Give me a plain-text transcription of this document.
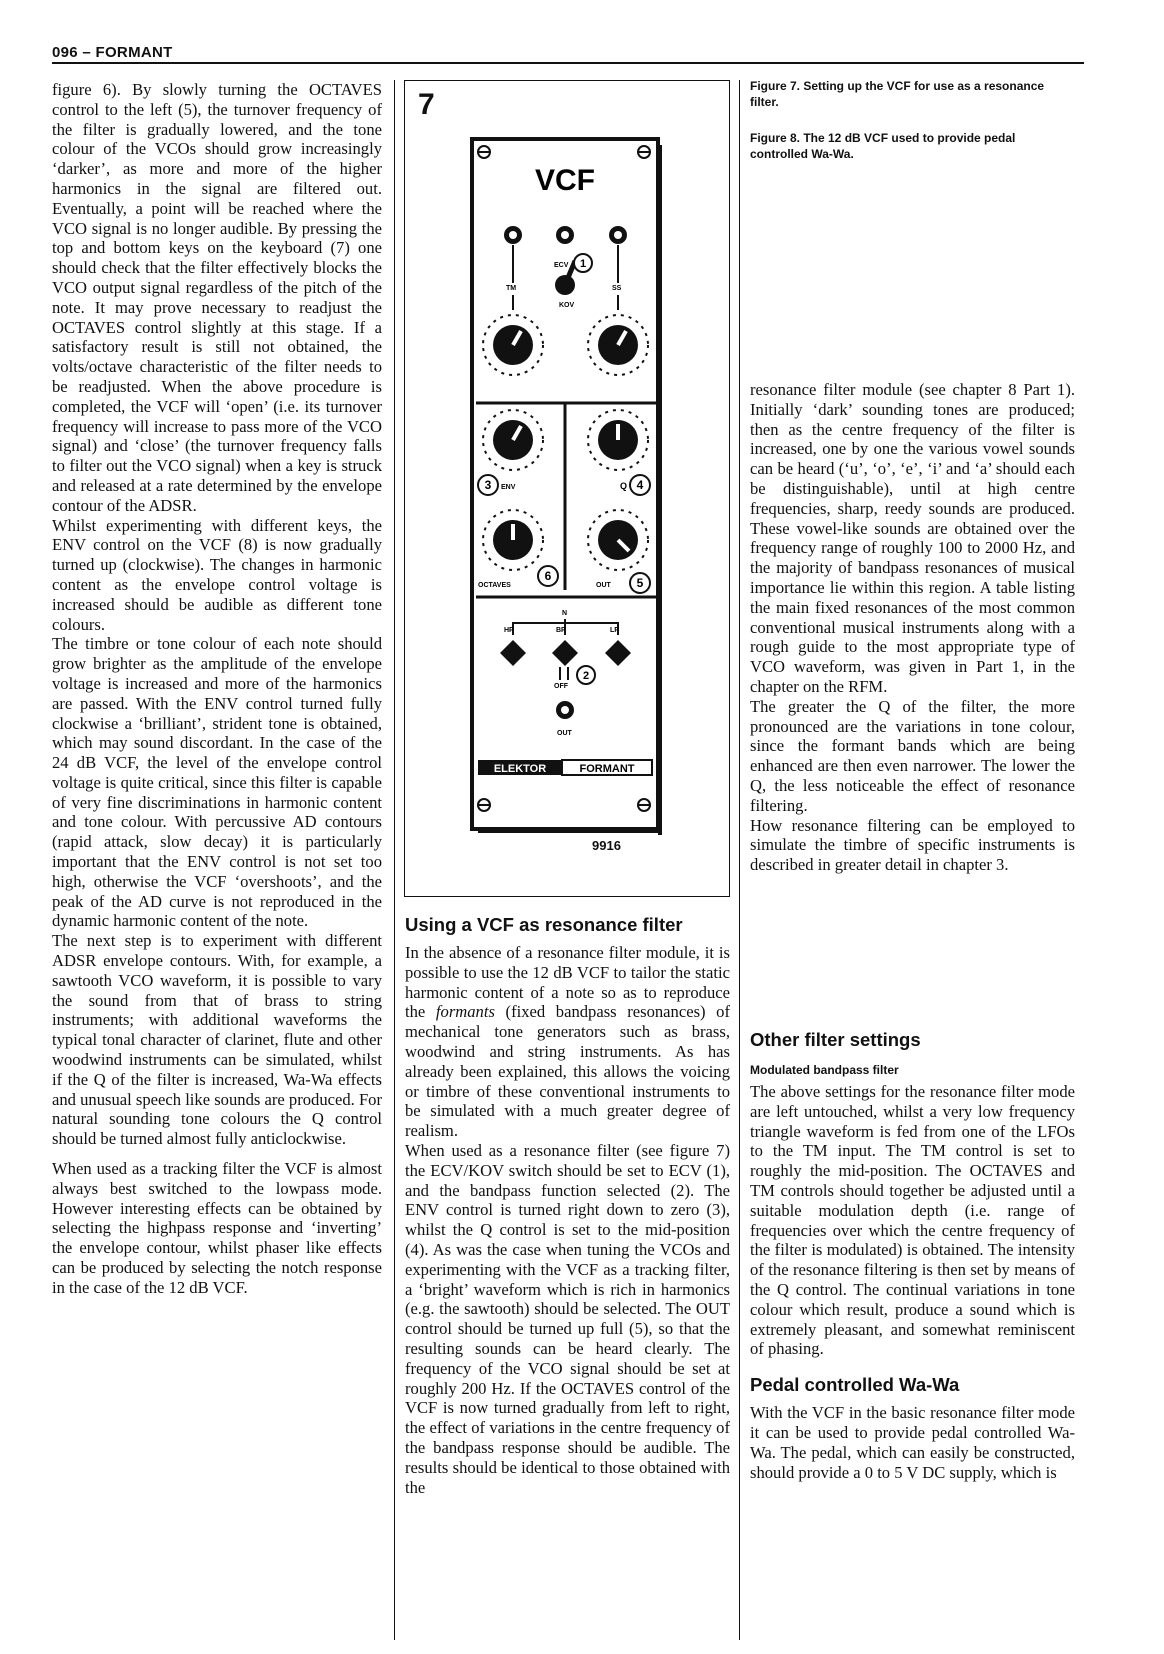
096 – FORMANT

figure 6). By slowly turning the OCTAVES control to the left (5), the turnover frequency of the filter is gradually lowered, and the tone colour of the VCOs should grow increasingly ‘darker’, as more and more of the higher harmonics in the signal are filtered out. Eventually, a point will be reached where the VCO signal is no longer audible. By pressing the top and bottom keys on the keyboard (7) one should check that the filter effectively blocks the VCO output signal regardless of the pitch of the note. It may prove necessary to readjust the OCTAVES control slightly at this stage. If a satisfactory result is still not obtained, the volts/octave characteristic of the filter needs to be readjusted. When the above procedure is completed, the VCF will ‘open’ (i.e. its turnover frequency will increase to pass more of the VCO signal) and ‘close’ (the turnover frequency falls to filter out the VCO signal) when a key is struck and released at a rate determined by the envelope contour of the ADSR.

Whilst experimenting with different keys, the ENV control on the VCF (8) is now gradually turned up (clockwise). The changes in harmonic content as the envelope control voltage is increased should be audible as different tone colours.

The timbre or tone colour of each note should grow brighter as the amplitude of the envelope voltage is increased and more of the harmonics are passed. With the ENV control turned fully clockwise a ‘brilliant’, strident tone is obtained, which may sound discordant. In the case of the 24 dB VCF, the level of the envelope control voltage is quite critical, since this filter is capable of very fine discriminations in harmonic content and tone colour. With percussive AD contours (rapid attack, slow decay) it is particularly important that the ENV control is not set too high, otherwise the VCF ‘overshoots’, and the peak of the AD curve is not reproduced in the dynamic harmonic content of the note.

The next step is to experiment with different ADSR envelope contours. With, for example, a sawtooth VCO waveform, it is possible to vary the sound from that of brass to string instruments; with additional waveforms the typical tonal character of clarinet, flute and other woodwind instruments can be simulated, whilst if the Q of the filter is increased, Wa-Wa effects and unusual speech like sounds are produced. For natural sounding tone colours the Q control should be turned almost fully anticlockwise.

When used as a tracking filter the VCF is almost always best switched to the lowpass mode. However interesting effects can be obtained by selecting the highpass response and ‘inverting’ the envelope contour, whilst phaser like effects can be produced by selecting the notch response in the case of the 12 dB VCF.

7
VCF
ECV
TM	SS
KOV
1
3 ENV	Q 4
OCTAVES
6
OUT 5
N
HP	BP	LP
OFF
2
OUT
ELEKTOR	FORMANT
9916
Figure 7. Setting up the VCF for use as a resonance filter.
Figure 8. The 12 dB VCF used to provide pedal controlled Wa-Wa.
Using a VCF as resonance filter

In the absence of a resonance filter module, it is possible to use the 12 dB VCF to tailor the static harmonic content of a note so as to reproduce the formants (fixed bandpass resonances) of mechanical tone generators such as brass, woodwind and string instruments. As has already been explained, this allows the voicing or timbre of these conventional instruments to be simulated with a much greater degree of realism.

When used as a resonance filter (see figure 7) the ECV/KOV switch should be set to ECV (1), and the bandpass function selected (2). The ENV control is turned right down to zero (3), whilst the Q control is set to the mid-position (4). As was the case when tuning the VCOs and experimenting with the VCF as a tracking filter, a ‘bright’ waveform which is rich in harmonics (e.g. the sawtooth) should be selected. The OUT control should be turned up full (5), so that the resulting sounds can be heard clearly. The frequency of the VCO signal should be set at roughly 200 Hz. If the OCTAVES control of the VCF is now turned gradually from left to right, the effect of variations in the centre frequency of the bandpass response should be audible. The results should be identical to those obtained with the

resonance filter module (see chapter 8 Part 1). Initially ‘dark’ sounding tones are produced; then as the centre frequency of the filter is increased, one by one the various vowel sounds can be heard (‘u’, ‘o’, ‘e’, ‘i’ and ‘a’ should each be distinguishable), until at high centre frequencies, sharp, reedy sounds are produced. These vowel-like sounds are obtained over the frequency range of roughly 100 to 2000 Hz, and the majority of bandpass resonances of musical importance lie within this region. A table listing the main fixed resonances of the most common conventional musical instruments along with a rough guide to the most appropriate type of VCO waveform, was given in Part 1, in the chapter on the RFM.

The greater the Q of the filter, the more pronounced are the variations in tone colour, since the formant bands which are being enhanced are then even narrower. The lower the Q, the less noticeable the effect of resonance filtering.

How resonance filtering can be employed to simulate the timbre of specific instruments is described in greater detail in chapter 3.

Other filter settings
Modulated bandpass filter

The above settings for the resonance filter mode are left untouched, whilst a very low frequency triangle waveform is fed from one of the LFOs to the TM input. The TM control is set to roughly the mid-position. The OCTAVES and TM controls should together be adjusted until a suitable modulation depth (i.e. range of frequencies over which the centre frequency of the filter is modulated) is obtained. The intensity of the resonance filtering is then set by means of the Q control. The continual variations in tone colour which result, produce a sound which is extremely pleasant, and somewhat reminiscent of phasing.

Pedal controlled Wa-Wa

With the VCF in the basic resonance filter mode it can be used to provide pedal controlled Wa-Wa. The pedal, which can easily be constructed, should provide a 0 to 5 V DC supply, which is
